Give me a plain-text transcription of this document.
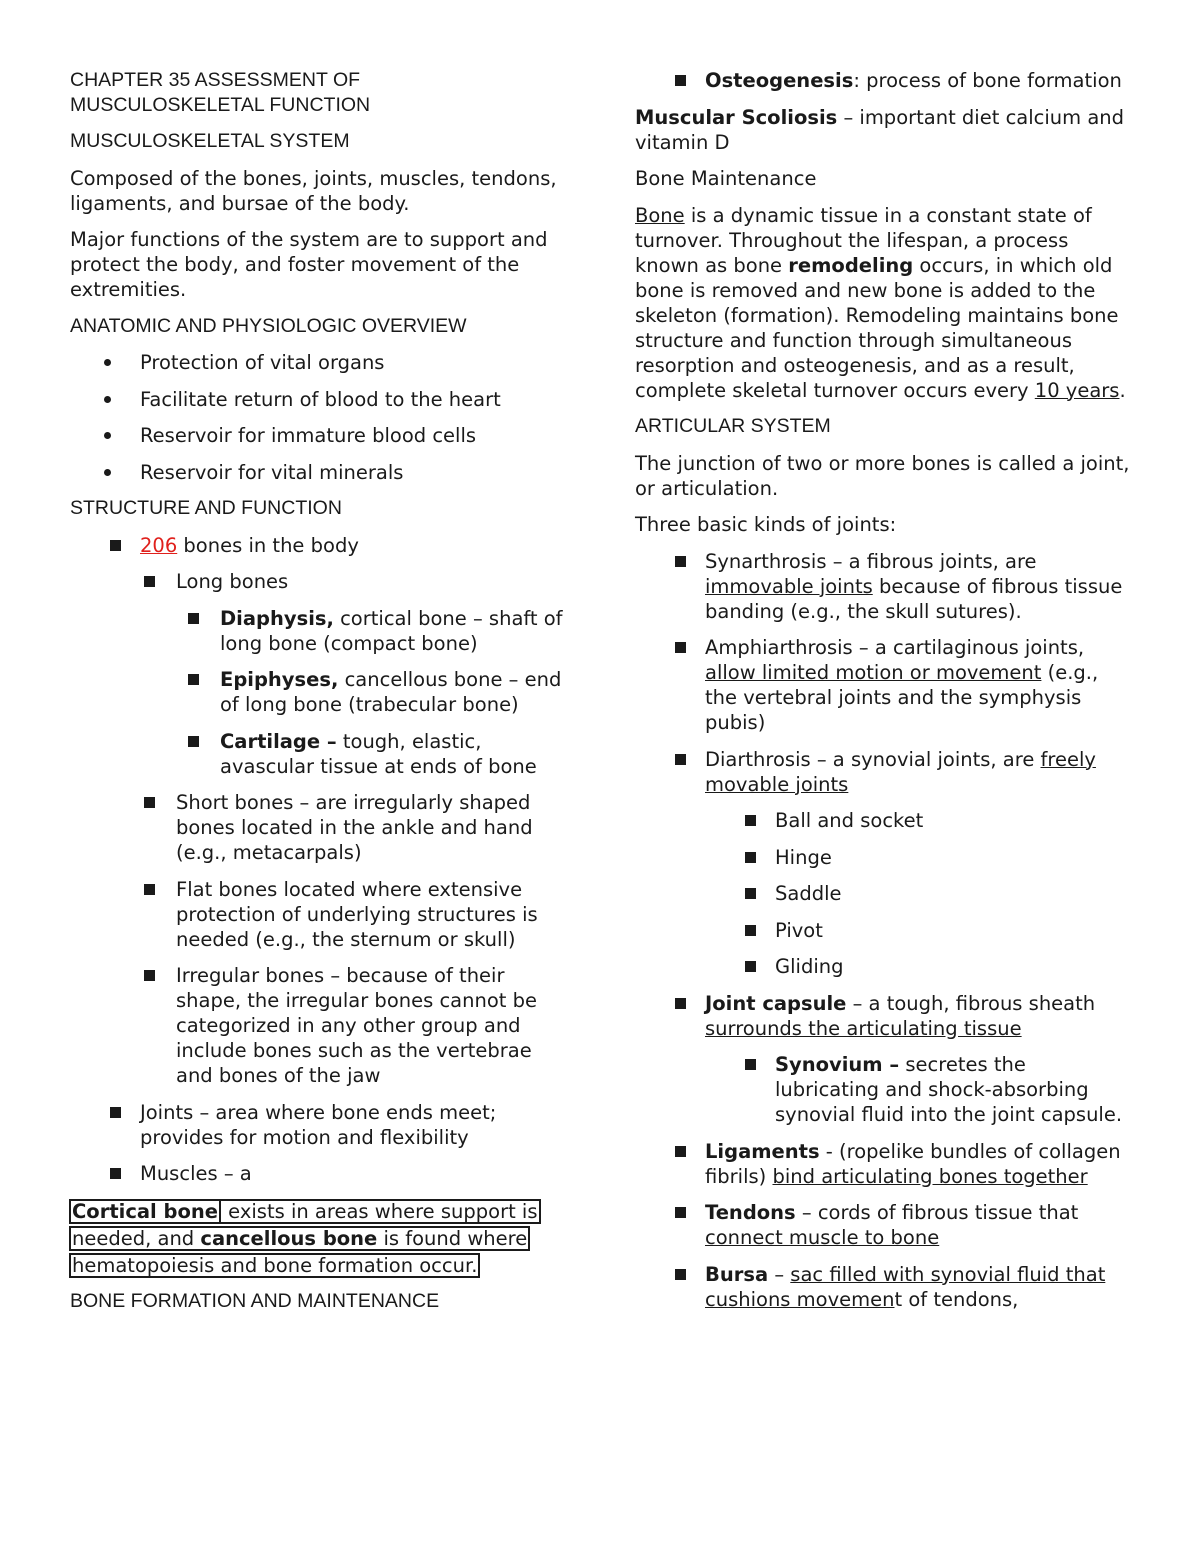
CHAPTER 35 ASSESSMENT OF
MUSCULOSKELETAL FUNCTION

MUSCULOSKELETAL SYSTEM

Composed of the bones, joints, muscles, tendons, ligaments, and bursae of the body.

Major functions of the system are to support and protect the body, and foster movement of the extremities.

ANATOMIC AND PHYSIOLOGIC OVERVIEW

Protection of vital organs
Facilitate return of blood to the heart
Reservoir for immature blood cells
Reservoir for vital minerals

STRUCTURE AND FUNCTION

206 bones in the body
Long bones
Diaphysis, cortical bone – shaft of long bone (compact bone)
Epiphyses, cancellous bone – end of long bone (trabecular bone)
Cartilage – tough, elastic, avascular tissue at ends of bone
Short bones – are irregularly shaped bones located in the ankle and hand (e.g., metacarpals)
Flat bones located where extensive protection of underlying structures is needed (e.g., the sternum or skull)
Irregular bones – because of their shape, the irregular bones cannot be categorized in any other group and include bones such as the vertebrae and bones of the jaw
Joints – area where bone ends meet; provides for motion and flexibility
Muscles – a

Cortical bone exists in areas where support is needed, and cancellous bone is found where hematopoiesis and bone formation occur.

BONE FORMATION AND MAINTENANCE

Osteogenesis: process of bone formation

Muscular Scoliosis – important diet calcium and vitamin D

Bone Maintenance

Bone is a dynamic tissue in a constant state of turnover. Throughout the lifespan, a process known as bone remodeling occurs, in which old bone is removed and new bone is added to the skeleton (formation). Remodeling maintains bone structure and function through simultaneous resorption and osteogenesis, and as a result, complete skeletal turnover occurs every 10 years.

ARTICULAR SYSTEM

The junction of two or more bones is called a joint, or articulation.

Three basic kinds of joints:

Synarthrosis – a fibrous joints, are immovable joints because of fibrous tissue banding (e.g., the skull sutures).
Amphiarthrosis – a cartilaginous joints, allow limited motion or movement (e.g., the vertebral joints and the symphysis pubis)
Diarthrosis – a synovial joints, are freely movable joints
Ball and socket
Hinge
Saddle
Pivot
Gliding
Joint capsule – a tough, fibrous sheath surrounds the articulating tissue
Synovium – secretes the lubricating and shock-absorbing synovial fluid into the joint capsule.
Ligaments - (ropelike bundles of collagen fibrils) bind articulating bones together
Tendons – cords of fibrous tissue that connect muscle to bone
Bursa – sac filled with synovial fluid that cushions movement of tendons,
